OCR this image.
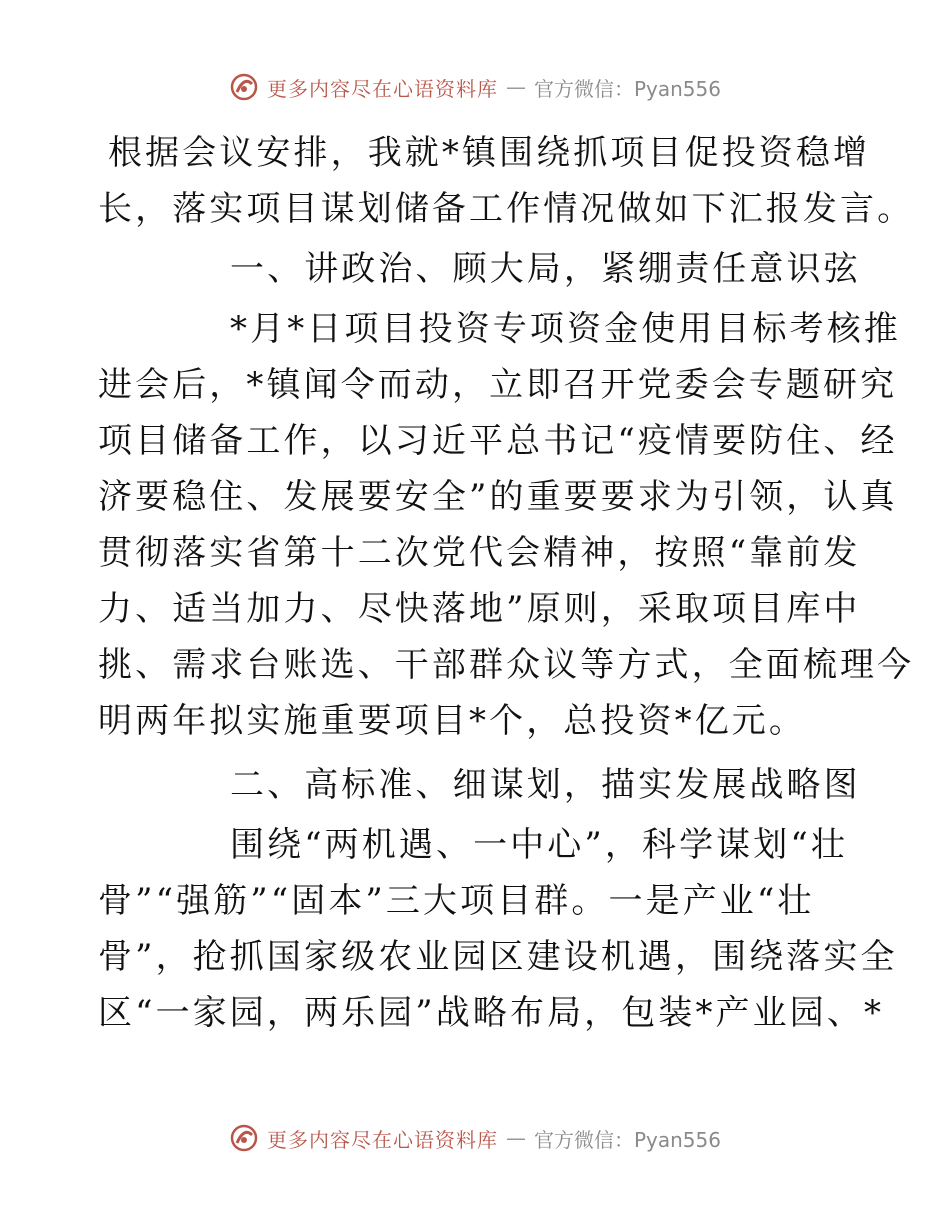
更多内容尽在心语资料库 — 官方微信：Pyan556
根据会议安排，我就*镇围绕抓项目促投资稳增
长，落实项目谋划储备工作情况做如下汇报发言。
一、讲政治、顾大局，紧绷责任意识弦
*月*日项目投资专项资金使用目标考核推
进会后，*镇闻令而动，立即召开党委会专题研究
项目储备工作，以习近平总书记“疫情要防住、经
济要稳住、发展要安全”的重要要求为引领，认真
贯彻落实省第十二次党代会精神，按照“靠前发
力、适当加力、尽快落地”原则，采取项目库中
挑、需求台账选、干部群众议等方式，全面梳理今
明两年拟实施重要项目*个，总投资*亿元。
二、高标准、细谋划，描实发展战略图
围绕“两机遇、一中心”，科学谋划“壮
骨”“强筋”“固本”三大项目群。一是产业“壮
骨”，抢抓国家级农业园区建设机遇，围绕落实全
区“一家园，两乐园”战略布局，包装*产业园、*
更多内容尽在心语资料库 — 官方微信：Pyan556
